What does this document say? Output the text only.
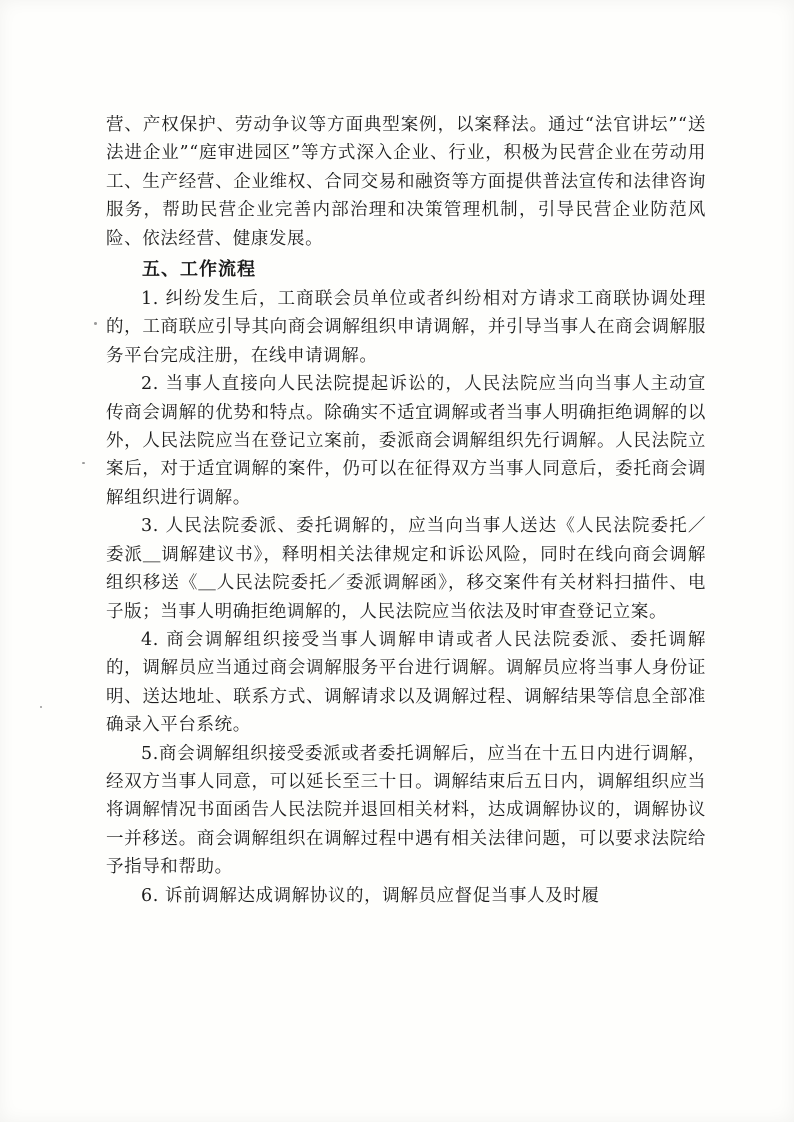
营、产权保护、劳动争议等方面典型案例，以案释法。通过“法官讲坛”“送法进企业”“庭审进园区”等方式深入企业、行业，积极为民营企业在劳动用工、生产经营、企业维权、合同交易和融资等方面提供普法宣传和法律咨询服务，帮助民营企业完善内部治理和决策管理机制，引导民营企业防范风险、依法经营、健康发展。

五、工作流程

1. 纠纷发生后，工商联会员单位或者纠纷相对方请求工商联协调处理的，工商联应引导其向商会调解组织申请调解，并引导当事人在商会调解服务平台完成注册，在线申请调解。

2. 当事人直接向人民法院提起诉讼的，人民法院应当向当事人主动宣传商会调解的优势和特点。除确实不适宜调解或者当事人明确拒绝调解的以外，人民法院应当在登记立案前，委派商会调解组织先行调解。人民法院立案后，对于适宜调解的案件，仍可以在征得双方当事人同意后，委托商会调解组织进行调解。

3. 人民法院委派、委托调解的，应当向当事人送达《人民法院委托／委派＿调解建议书》，释明相关法律规定和诉讼风险，同时在线向商会调解组织移送《＿人民法院委托／委派调解函》，移交案件有关材料扫描件、电子版；当事人明确拒绝调解的，人民法院应当依法及时审查登记立案。

4. 商会调解组织接受当事人调解申请或者人民法院委派、委托调解的，调解员应当通过商会调解服务平台进行调解。调解员应将当事人身份证明、送达地址、联系方式、调解请求以及调解过程、调解结果等信息全部准确录入平台系统。

5.商会调解组织接受委派或者委托调解后，应当在十五日内进行调解，经双方当事人同意，可以延长至三十日。调解结束后五日内，调解组织应当将调解情况书面函告人民法院并退回相关材料，达成调解协议的，调解协议一并移送。商会调解组织在调解过程中遇有相关法律问题，可以要求法院给予指导和帮助。

6. 诉前调解达成调解协议的，调解员应督促当事人及时履
